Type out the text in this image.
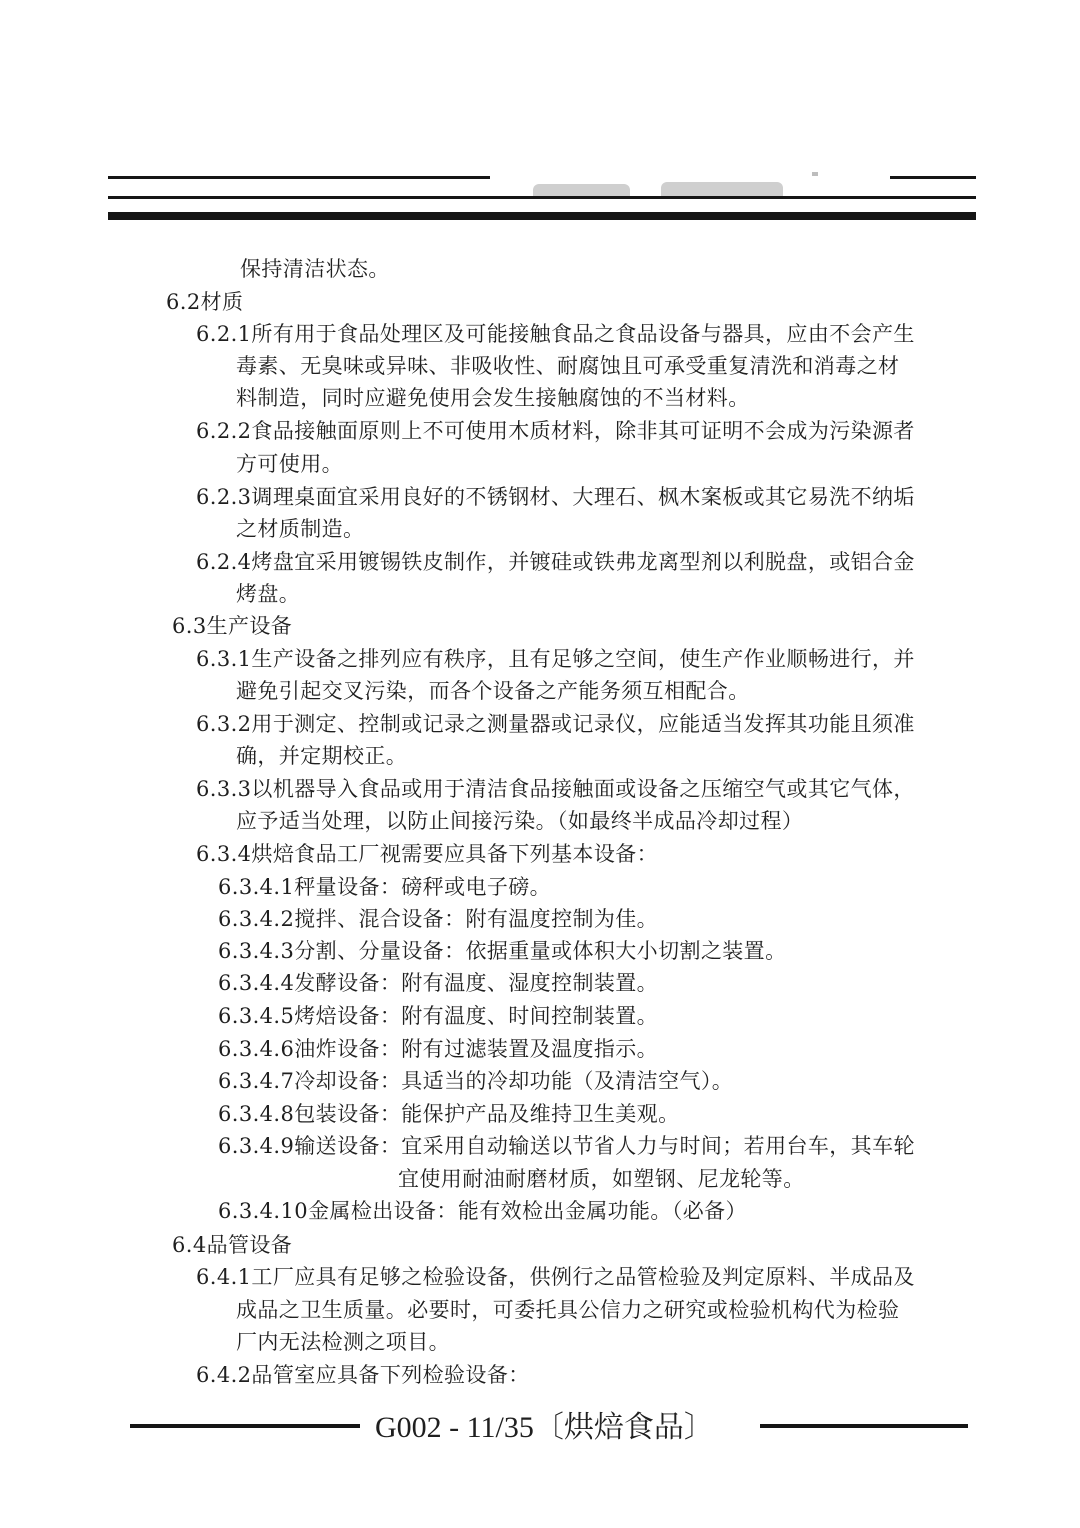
保持清洁状态。
6.2材质
6.2.1所有用于食品处理区及可能接触食品之食品设备与器具，应由不会产生
毒素、无臭味或异味、非吸收性、耐腐蚀且可承受重复清洗和消毒之材
料制造，同时应避免使用会发生接触腐蚀的不当材料。
6.2.2食品接触面原则上不可使用木质材料，除非其可证明不会成为污染源者
方可使用。
6.2.3调理桌面宜采用良好的不锈钢材、大理石、枫木案板或其它易洗不纳垢
之材质制造。
6.2.4烤盘宜采用镀锡铁皮制作，并镀硅或铁弗龙离型剂以利脱盘，或铝合金
烤盘。
6.3生产设备
6.3.1生产设备之排列应有秩序，且有足够之空间，使生产作业顺畅进行，并
避免引起交叉污染，而各个设备之产能务须互相配合。
6.3.2用于测定、控制或记录之测量器或记录仪，应能适当发挥其功能且须准
确，并定期校正。
6.3.3以机器导入食品或用于清洁食品接触面或设备之压缩空气或其它气体，
应予适当处理，以防止间接污染。（如最终半成品冷却过程）
6.3.4烘焙食品工厂视需要应具备下列基本设备：
6.3.4.1秤量设备：磅秤或电子磅。
6.3.4.2搅拌、混合设备：附有温度控制为佳。
6.3.4.3分割、分量设备：依据重量或体积大小切割之装置。
6.3.4.4发酵设备：附有温度、湿度控制装置。
6.3.4.5烤焙设备：附有温度、时间控制装置。
6.3.4.6油炸设备：附有过滤装置及温度指示。
6.3.4.7冷却设备：具适当的冷却功能（及清洁空气）。
6.3.4.8包装设备：能保护产品及维持卫生美观。
6.3.4.9输送设备：宜采用自动输送以节省人力与时间；若用台车，其车轮
宜使用耐油耐磨材质，如塑钢、尼龙轮等。
6.3.4.10金属检出设备：能有效检出金属功能。（必备）
6.4品管设备
6.4.1工厂应具有足够之检验设备，供例行之品管检验及判定原料、半成品及
成品之卫生质量。必要时，可委托具公信力之研究或检验机构代为检验
厂内无法检测之项目。
6.4.2品管室应具备下列检验设备：
G002 - 11/35〔烘焙食品〕
